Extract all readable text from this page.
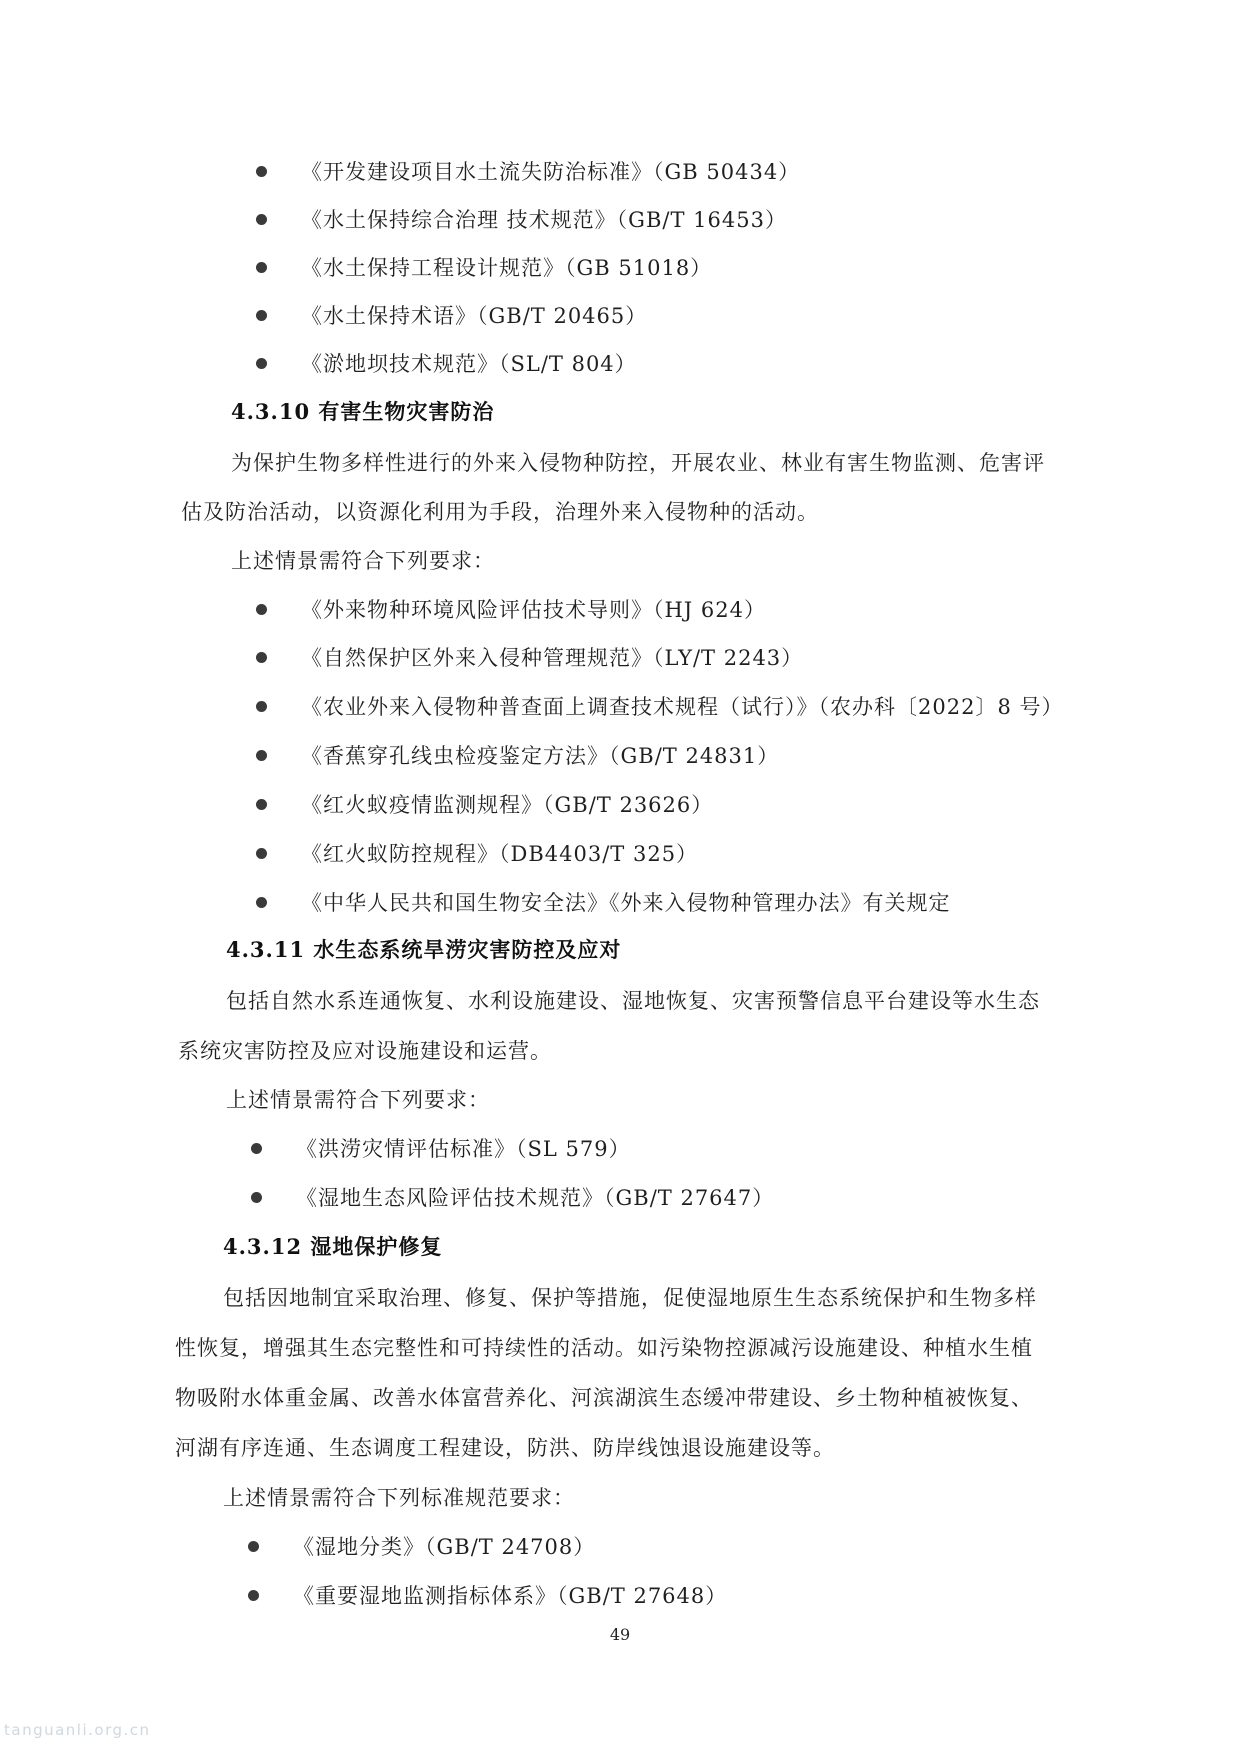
《开发建设项目水土流失防治标准》（GB 50434）
《水土保持综合治理 技术规范》（GB/T 16453）
《水土保持工程设计规范》（GB 51018）
《水土保持术语》（GB/T 20465）
《淤地坝技术规范》（SL/T 804）
4.3.10 有害生物灾害防治
为保护生物多样性进行的外来入侵物种防控，开展农业、林业有害生物监测、危害评
估及防治活动，以资源化利用为手段，治理外来入侵物种的活动。
上述情景需符合下列要求：
《外来物种环境风险评估技术导则》（HJ 624）
《自然保护区外来入侵种管理规范》（LY/T 2243）
《农业外来入侵物种普查面上调查技术规程（试行）》（农办科〔2022〕8 号）
《香蕉穿孔线虫检疫鉴定方法》（GB/T 24831）
《红火蚁疫情监测规程》（GB/T 23626）
《红火蚁防控规程》（DB4403/T 325）
《中华人民共和国生物安全法》《外来入侵物种管理办法》有关规定
4.3.11 水生态系统旱涝灾害防控及应对
包括自然水系连通恢复、水利设施建设、湿地恢复、灾害预警信息平台建设等水生态
系统灾害防控及应对设施建设和运营。
上述情景需符合下列要求：
《洪涝灾情评估标准》（SL 579）
《湿地生态风险评估技术规范》（GB/T 27647）
4.3.12 湿地保护修复
包括因地制宜采取治理、修复、保护等措施，促使湿地原生生态系统保护和生物多样
性恢复，增强其生态完整性和可持续性的活动。如污染物控源减污设施建设、种植水生植
物吸附水体重金属、改善水体富营养化、河滨湖滨生态缓冲带建设、乡土物种植被恢复、
河湖有序连通、生态调度工程建设，防洪、防岸线蚀退设施建设等。
上述情景需符合下列标准规范要求：
《湿地分类》（GB/T 24708）
《重要湿地监测指标体系》（GB/T 27648）
49
tanguanli.org.cn
